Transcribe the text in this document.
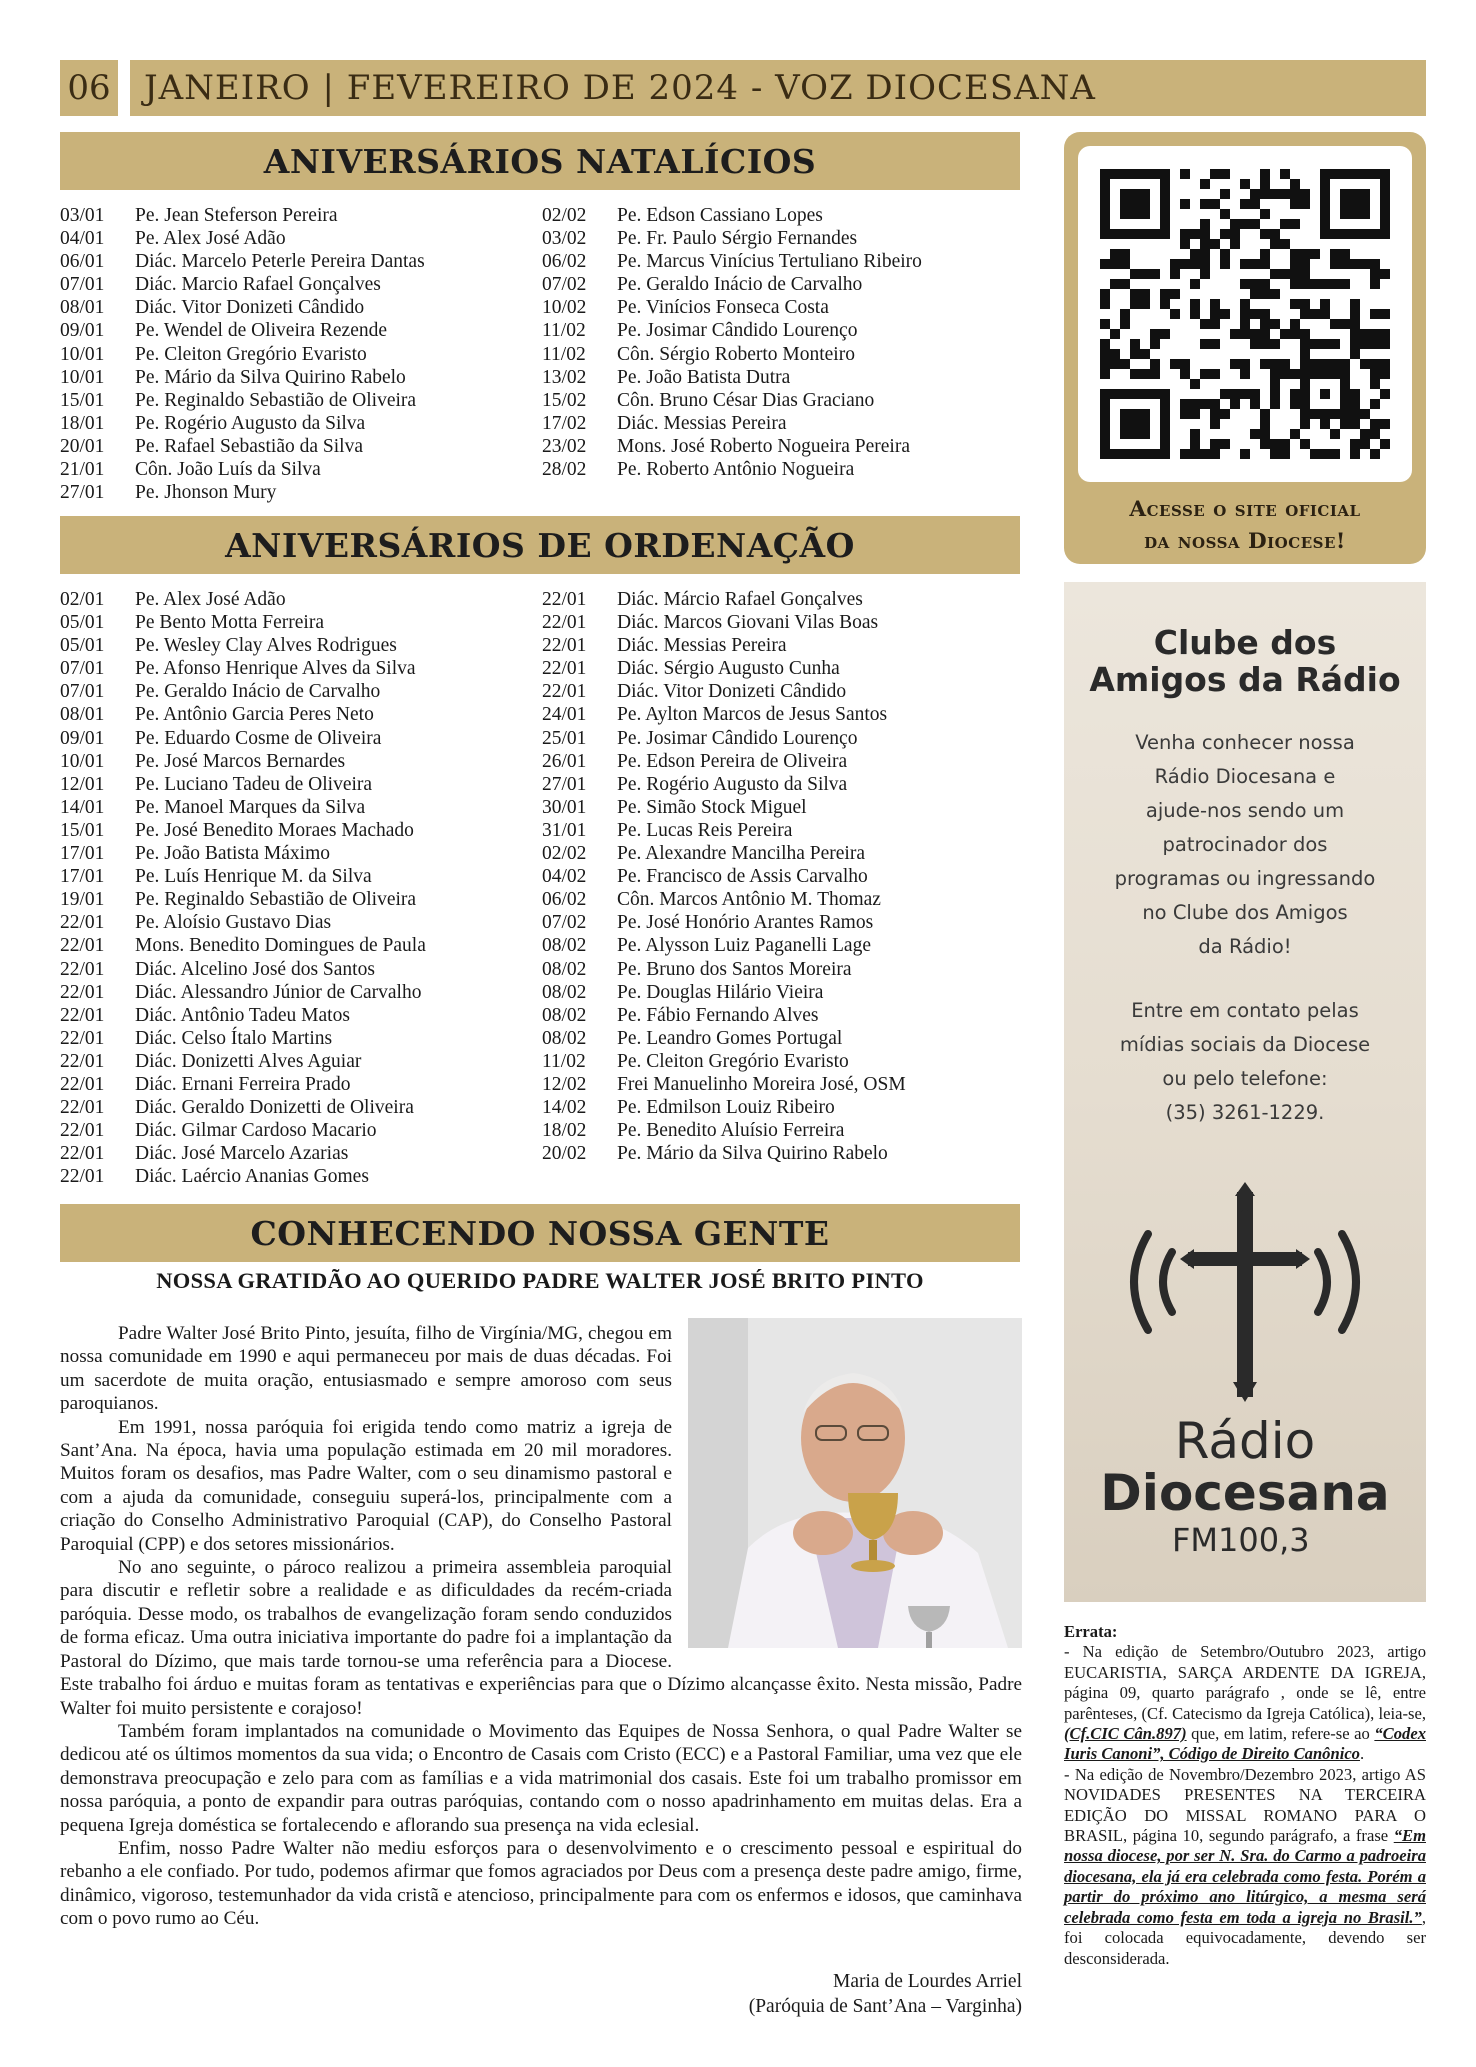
06 JANEIRO | FEVEREIRO DE 2024 - VOZ DIOCESANA
ANIVERSÁRIOS NATALÍCIOS
03/01	Pe. Jean Steferson Pereira
04/01	Pe. Alex José Adão
06/01	Diác. Marcelo Peterle Pereira Dantas
07/01	Diác. Marcio Rafael Gonçalves
08/01	Diác. Vitor Donizeti Cândido
09/01	Pe. Wendel de Oliveira Rezende
10/01	Pe. Cleiton Gregório Evaristo
10/01	Pe. Mário da Silva Quirino Rabelo
15/01	Pe. Reginaldo Sebastião de Oliveira
18/01	Pe. Rogério Augusto da Silva
20/01	Pe. Rafael Sebastião da Silva
21/01	Côn. João Luís da Silva
27/01	Pe. Jhonson Mury
02/02	Pe. Edson Cassiano Lopes
03/02	Pe. Fr. Paulo Sérgio Fernandes
06/02	Pe. Marcus Vinícius Tertuliano Ribeiro
07/02	Pe. Geraldo Inácio de Carvalho
10/02	Pe. Vinícios Fonseca Costa
11/02	Pe. Josimar Cândido Lourenço
11/02	Côn. Sérgio Roberto Monteiro
13/02	Pe. João Batista Dutra
15/02	Côn. Bruno César Dias Graciano
17/02	Diác. Messias Pereira
23/02	Mons. José Roberto Nogueira Pereira
28/02	Pe. Roberto Antônio Nogueira
ANIVERSÁRIOS DE ORDENAÇÃO
02/01	Pe. Alex José Adão
05/01	Pe Bento Motta Ferreira
05/01	Pe. Wesley Clay Alves Rodrigues
07/01	Pe. Afonso Henrique Alves da Silva
07/01	Pe. Geraldo Inácio de Carvalho
08/01	Pe. Antônio Garcia Peres Neto
09/01	Pe. Eduardo Cosme de Oliveira
10/01	Pe. José Marcos Bernardes
12/01	Pe. Luciano Tadeu de Oliveira
14/01	Pe. Manoel Marques da Silva
15/01	Pe. José Benedito Moraes Machado
17/01	Pe. João Batista Máximo
17/01	Pe. Luís Henrique M. da Silva
19/01	Pe. Reginaldo Sebastião de Oliveira
22/01	Pe. Aloísio Gustavo Dias
22/01	Mons. Benedito Domingues de Paula
22/01	Diác. Alcelino José dos Santos
22/01	Diác. Alessandro Júnior de Carvalho
22/01	Diác. Antônio Tadeu Matos
22/01	Diác. Celso Ítalo Martins
22/01	Diác. Donizetti Alves Aguiar
22/01	Diác. Ernani Ferreira Prado
22/01	Diác. Geraldo Donizetti de Oliveira
22/01	Diác. Gilmar Cardoso Macario
22/01	Diác. José Marcelo Azarias
22/01	Diác. Laércio Ananias Gomes
22/01	Diác. Márcio Rafael Gonçalves
22/01	Diác. Marcos Giovani Vilas Boas
22/01	Diác. Messias Pereira
22/01	Diác. Sérgio Augusto Cunha
22/01	Diác. Vitor Donizeti Cândido
24/01	Pe. Aylton Marcos de Jesus Santos
25/01	Pe. Josimar Cândido Lourenço
26/01	Pe. Edson Pereira de Oliveira
27/01	Pe. Rogério Augusto da Silva
30/01	Pe. Simão Stock Miguel
31/01	Pe. Lucas Reis Pereira
02/02	Pe. Alexandre Mancilha Pereira
04/02	Pe. Francisco de Assis Carvalho
06/02	Côn. Marcos Antônio M. Thomaz
07/02	Pe. José Honório Arantes Ramos
08/02	Pe. Alysson Luiz Paganelli Lage
08/02	Pe. Bruno dos Santos Moreira
08/02	Pe. Douglas Hilário Vieira
08/02	Pe. Fábio Fernando Alves
08/02	Pe. Leandro Gomes Portugal
11/02	Pe. Cleiton Gregório Evaristo
12/02	Frei Manuelinho Moreira José, OSM
14/02	Pe. Edmilson Louiz Ribeiro
18/02	Pe. Benedito Aluísio Ferreira
20/02	Pe. Mário da Silva Quirino Rabelo
CONHECENDO NOSSA GENTE
NOSSA GRATIDÃO AO QUERIDO PADRE WALTER JOSÉ BRITO PINTO

Padre Walter José Brito Pinto, jesuíta, filho de Virgínia/MG, chegou em nossa comunidade em 1990 e aqui permaneceu por mais de duas décadas. Foi um sacerdote de muita oração, entusiasmado e sempre amoroso com seus paroquianos.

Em 1991, nossa paróquia foi erigida tendo como matriz a igreja de Sant’Ana. Na época, havia uma população estimada em 20 mil moradores. Muitos foram os desafios, mas Padre Walter, com o seu dinamismo pastoral e com a ajuda da comunidade, conseguiu superá-los, principalmente com a criação do Conselho Administrativo Paroquial (CAP), do Conselho Pastoral Paroquial (CPP) e dos setores missionários.

No ano seguinte, o pároco realizou a primeira assembleia paroquial para discutir e refletir sobre a realidade e as dificuldades da recém-criada paróquia. Desse modo, os trabalhos de evangelização foram sendo conduzidos de forma eficaz. Uma outra iniciativa importante do padre foi a implantação da Pastoral do Dízimo, que mais tarde tornou-se uma referência para a Diocese. Este trabalho foi árduo e muitas foram as tentativas e experiências para que o Dízimo alcançasse êxito. Nesta missão, Padre Walter foi muito persistente e corajoso!

Também foram implantados na comunidade o Movimento das Equipes de Nossa Senhora, o qual Padre Walter se dedicou até os últimos momentos da sua vida; o Encontro de Casais com Cristo (ECC) e a Pastoral Familiar, uma vez que ele demonstrava preocupação e zelo para com as famílias e a vida matrimonial dos casais. Este foi um trabalho promissor em nossa paróquia, a ponto de expandir para outras paróquias, contando com o nosso apadrinhamento em muitas delas. Era a pequena Igreja doméstica se fortalecendo e aflorando sua presença na vida eclesial.

Enfim, nosso Padre Walter não mediu esforços para o desenvolvimento e o crescimento pessoal e espiritual do rebanho a ele confiado. Por tudo, podemos afirmar que fomos agraciados por Deus com a presença deste padre amigo, firme, dinâmico, vigoroso, testemunhador da vida cristã e atencioso, principalmente para com os enfermos e idosos, que caminhava com o povo rumo ao Céu.

Maria de Lourdes Arriel
(Paróquia de Sant’Ana – Varginha)
Acesse o site oficial
da nossa Diocese!
Clube dos
Amigos da Rádio
Venha conhecer nossa
Rádio Diocesana e
ajude-nos sendo um
patrocinador dos
programas ou ingressando
no Clube dos Amigos
da Rádio!
Entre em contato pelas
mídias sociais da Diocese
ou pelo telefone:
(35) 3261-1229.
Rádio
Diocesana
FM100,3
Errata:
- Na edição de Setembro/Outubro 2023, artigo EUCARISTIA, SARÇA ARDENTE DA IGREJA, página 09, quarto parágrafo , onde se lê, entre parênteses, (Cf. Catecismo da Igreja Católica), leia-se, (Cf.CIC Cân.897) que, em latim, refere-se ao “Codex Iuris Canoni”, Código de Direito Canônico.
- Na edição de Novembro/Dezembro 2023, artigo AS NOVIDADES PRESENTES NA TERCEIRA EDIÇÃO DO MISSAL ROMANO PARA O BRASIL, página 10, segundo parágrafo, a frase “Em nossa diocese, por ser N. Sra. do Carmo a padroeira diocesana, ela já era celebrada como festa. Porém a partir do próximo ano litúrgico, a mesma será celebrada como festa em toda a igreja no Brasil.”, foi colocada equivocadamente, devendo ser desconsiderada.
